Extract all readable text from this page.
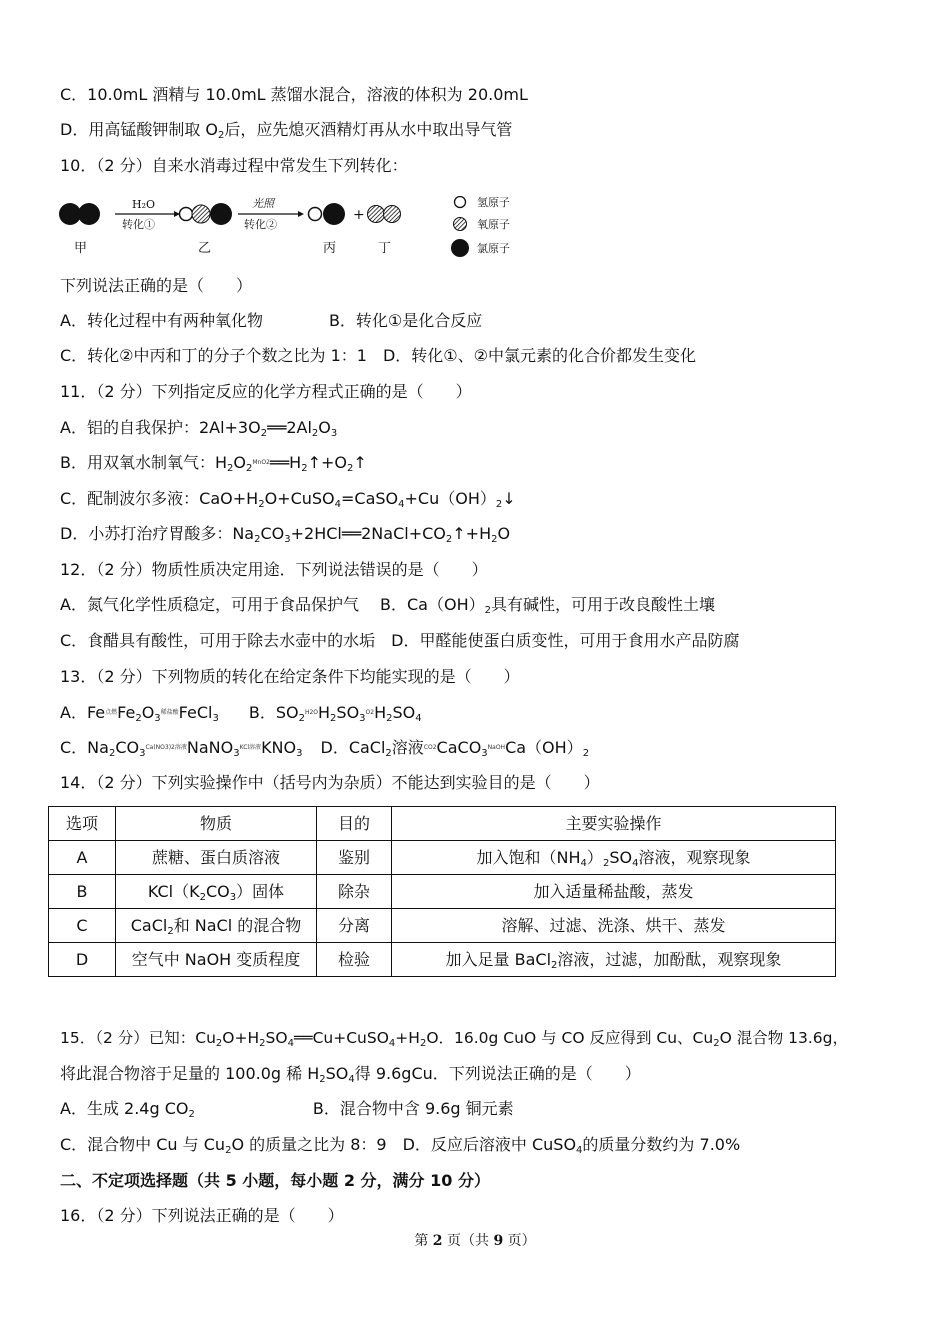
C．10.0mL 酒精与 10.0mL 蒸馏水混合，溶液的体积为 20.0mL
D．用高锰酸钾制取 $O_2$后，应先熄灭酒精灯再从水中取出导气管
10．（2 分）自来水消毒过程中常发生下列转化：
甲
H₂O
转化①
乙
光照
转化②
丙
+
丁
氢原子
氧原子
氯原子
下列说法正确的是（　　）
A．转化过程中有两种氧化物	B．转化①是化合反应
C．转化②中丙和丁的分子个数之比为 1：1　D．转化①、②中氯元素的化合价都发生变化
11．（2 分）下列指定反应的化学方程式正确的是（　　）
A．铝的自我保护：$2Al+3O_2══2Al_2O_3$
B．用双氧水制氧气：$H_2O_2^{MnO2}══H_2↑+O_2↑$
C．配制波尔多液：$CaO+H_2O+CuSO_4=CaSO_4+Cu(OH)_2↓$
D．小苏打治疗胃酸多：$Na_2CO_3+2HCl══2NaCl+CO_2↑+H_2O$
12．（2 分）物质性质决定用途．下列说法错误的是（　　）
A．氮气化学性质稳定，可用于食品保护气　 B．$Ca(OH)_2$具有碱性，可用于改良酸性土壤
C．食醋具有酸性，可用于除去水壶中的水垢　D．甲醛能使蛋白质变性，可用于食用水产品防腐
13．（2 分）下列物质的转化在给定条件下均能实现的是（　　）
A．$Fe^{点燃}Fe_2O_3^{稀盐酸}FeCl_3$ B．$SO_2^{H2O}H_2SO_3^{O2}H_2SO_4$
C．$Na_2CO_3^{Ca(NO3)2溶液}NaNO_3^{KCl溶液}KNO_3$ D．CaCl$_2$溶液$^{CO2}CaCO_3^{NaOH}Ca(OH)_2$
14．（2 分）下列实验操作中（括号内为杂质）不能达到实验目的是（　　）
选项	物质	目的	主要实验操作
A	蔗糖、蛋白质溶液	鉴别	加入饱和$(NH_4)_2SO_4$溶液，观察现象
B	$KCl(K_2CO_3)$固体	除杂	加入适量稀盐酸，蒸发
C	CaCl$_2$和 NaCl 的混合物	分离	溶解、过滤、洗涤、烘干、蒸发
D	空气中 NaOH 变质程度	检验	加入足量 BaCl$_2$溶液，过滤，加酚酞，观察现象
15．（2 分）已知：$Cu_2O+H_2SO_4══Cu+CuSO_4+H_2O$．16.0g CuO 与 CO 反应得到 Cu、$Cu_2O$ 混合物 13.6g，
将此混合物溶于足量的 100.0g 稀 $H_2SO_4$得 9.6gCu．下列说法正确的是（　　）
A．生成 2.4g $CO_2$	B．混合物中含 9.6g 铜元素
C．混合物中 Cu 与 $Cu_2O$ 的质量之比为 8：9　D．反应后溶液中 CuSO$_4$的质量分数约为 7.0%
二、不定项选择题（共 5 小题，每小题 2 分，满分 10 分）
16．（2 分）下列说法正确的是（　　）
第 2 页（共 9 页）
